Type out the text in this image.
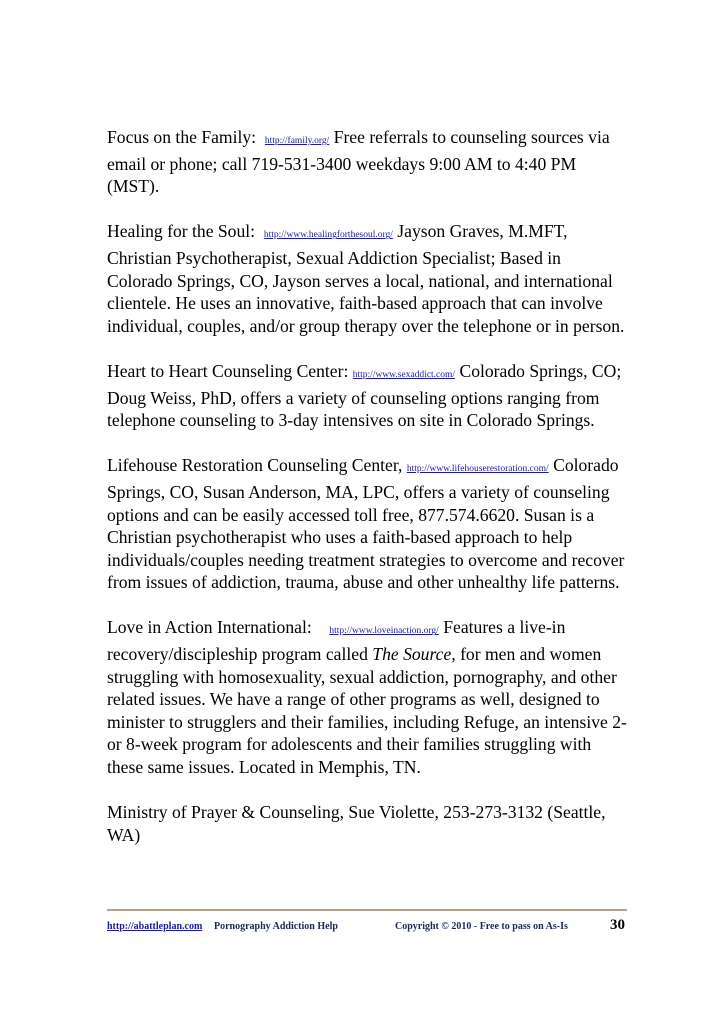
Focus on the Family: http://family.org/ Free referrals to counseling sources via email or phone; call 719-531-3400 weekdays 9:00 AM to 4:40 PM (MST).

Healing for the Soul: http://www.healingforthesoul.org/ Jayson Graves, M.MFT, Christian Psychotherapist, Sexual Addiction Specialist; Based in Colorado Springs, CO, Jayson serves a local, national, and international clientele. He uses an innovative, faith-based approach that can involve individual, couples, and/or group therapy over the telephone or in person.

Heart to Heart Counseling Center: http://www.sexaddict.com/ Colorado Springs, CO; Doug Weiss, PhD, offers a variety of counseling options ranging from telephone counseling to 3-day intensives on site in Colorado Springs.

Lifehouse Restoration Counseling Center, http://www.lifehouserestoration.com/ Colorado Springs, CO, Susan Anderson, MA, LPC, offers a variety of counseling options and can be easily accessed toll free, 877.574.6620. Susan is a Christian psychotherapist who uses a faith-based approach to help individuals/couples needing treatment strategies to overcome and recover from issues of addiction, trauma, abuse and other unhealthy life patterns.

Love in Action International: http://www.loveinaction.org/ Features a live-in recovery/discipleship program called The Source, for men and women struggling with homosexuality, sexual addiction, pornography, and other related issues. We have a range of other programs as well, designed to minister to strugglers and their families, including Refuge, an intensive 2- or 8-week program for adolescents and their families struggling with these same issues. Located in Memphis, TN.

Ministry of Prayer & Counseling, Sue Violette, 253-273-3132 (Seattle, WA)

http://abattleplan.com Pornography Addiction Help	Copyright © 2010 - Free to pass on As-Is	30
